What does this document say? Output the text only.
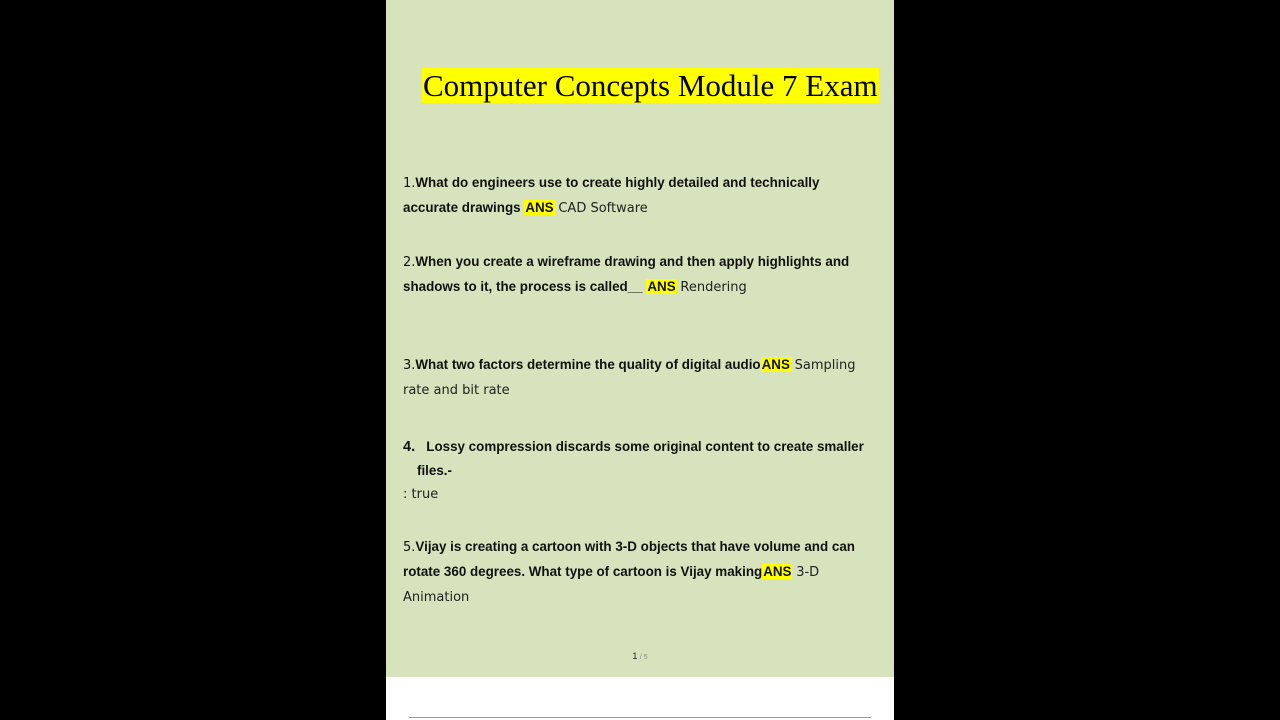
Computer Concepts Module 7 Exam
1.What do engineers use to create highly detailed and technically accurate drawings ANS CAD Software
2.When you create a wireframe drawing and then apply highlights and shadows to it, the process is called__ ANS Rendering
3.What two factors determine the quality of digital audioANS Sampling rate and bit rate
4. Lossy compression discards some original content to create smaller
files.-
: true
5.Vijay is creating a cartoon with 3-D objects that have volume and can rotate 360 degrees. What type of cartoon is Vijay makingANS 3-D Animation
1 / 5
